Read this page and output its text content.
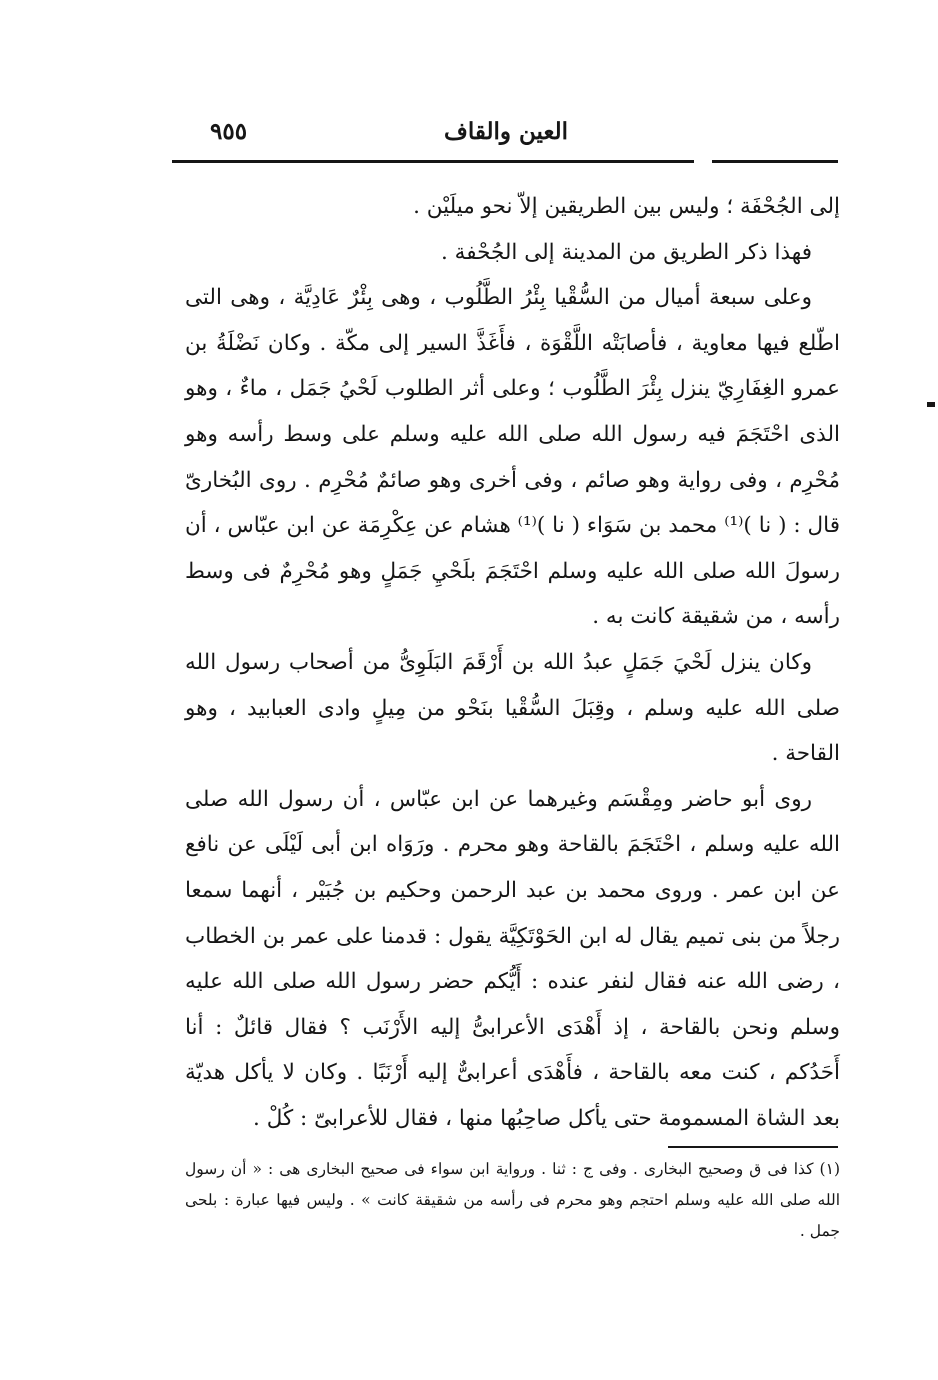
العين والقاف
٩٥٥

إلى الجُحْفَة ؛ وليس بين الطريقين إلاّ نحو ميلَيْن .

فهذا ذكر الطريق من المدينة إلى الجُحْفة .

وعلى سبعة أميال من السُّقْيا بِئْرُ الطَّلُوب ، وهى بِئْرٌ عَادِيَّة ، وهى التى اطّلع فيها معاوية ، فأصابَتْه اللَّقْوَة ، فأَغَذَّ السير إلى مكّة . وكان نَضْلَةُ بن عمرو الغِفَارِيّ ينزل بِئْرَ الطَّلُوب ؛ وعلى أثر الطلوب لَحْيُ جَمَل ، ماءٌ ، وهو الذى احْتَجَمَ فيه رسول الله صلى الله عليه وسلم على وسط رأسه وهو مُحْرِم ، وفى رواية وهو صائم ، وفى أخرى وهو صائمٌ مُحْرِم . روى البُخارىّ قال : ( نا )⁽¹⁾ محمد بن سَوَاء ( نا )⁽¹⁾ هشام عن عِكْرِمَة عن ابن عبّاس ، أن رسولَ الله صلى الله عليه وسلم احْتَجَمَ بلَحْيِ جَمَلٍ وهو مُحْرِمٌ فى وسط رأسه ، من شقيقة كانت به .

وكان ينزل لَحْيَ جَمَلٍ عبدُ الله بن أَرْقَمَ البَلَوِىُّ من أصحاب رسول الله صلى الله عليه وسلم ، وقِبَلَ السُّقْيا بنَحْو من مِيلٍ وادى العبابيد ، وهو القاحة .

روى أبو حاضر ومِقْسَم وغيرهما عن ابن عبّاس ، أن رسول الله صلى الله عليه وسلم ، احْتَجَمَ بالقاحة وهو محرم . ورَوَاه ابن أبى لَيْلَى عن نافع عن ابن عمر . وروى محمد بن عبد الرحمن وحكيم بن جُبَيْر ، أنهما سمعا رجلاً من بنى تميم يقال له ابن الحَوْتَكِيَّة يقول : قدمنا على عمر بن الخطاب ، رضى الله عنه فقال لنفر عنده : أَيُّكم حضر رسول الله صلى الله عليه وسلم ونحن بالقاحة ، إذ أَهْدَى الأعرابىُّ إليه الأَرْنَب ؟ فقال قائلٌ : أنا أَحَدُكم ، كنت معه بالقاحة ، فأَهْدَى أعرابىٌّ إليه أَرْنَبًا . وكان لا يأكل هديّة بعد الشاة المسمومة حتى يأكل صاحِبُها منها ، فقال للأعرابىّ : كُلْ .

(١) كذا فى ق وصحيح البخارى . وفى ج : ثنا . ورواية ابن سواء فى صحيح البخارى هى : « أن رسول الله صلى الله عليه وسلم احتجم وهو محرم فى رأسه من شقيقة كانت » . وليس فيها عبارة : بلحى جمل .
